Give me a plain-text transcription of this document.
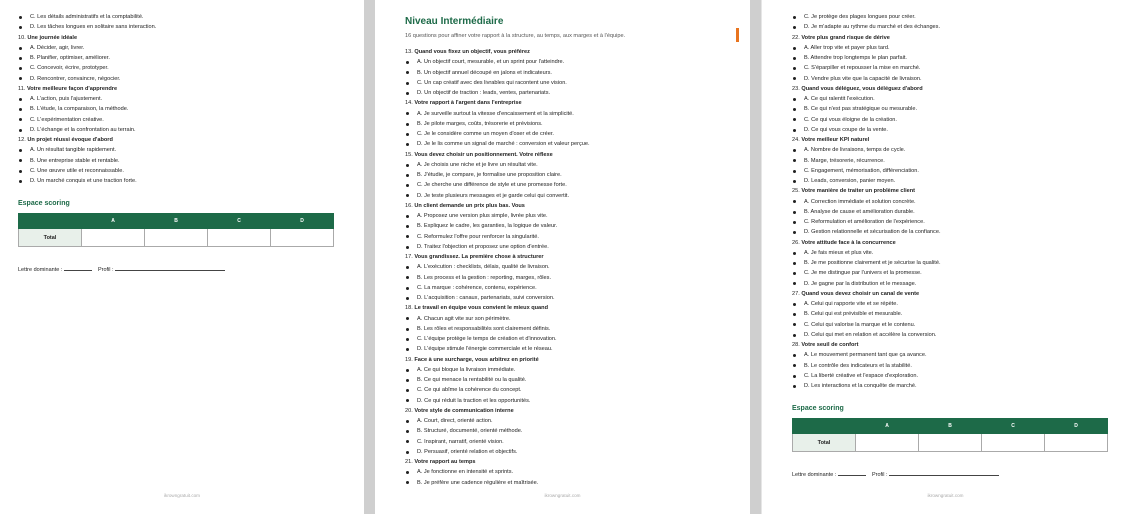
C. Les détails administratifs et la comptabilité.
D. Les tâches longues en solitaire sans interaction.
10. Une journée idéale
A. Décider, agir, livrer.
B. Planifier, optimiser, améliorer.
C. Concevoir, écrire, prototyper.
D. Rencontrer, convaincre, négocier.
11. Votre meilleure façon d'apprendre
A. L'action, puis l'ajustement.
B. L'étude, la comparaison, la méthode.
C. L'expérimentation créative.
D. L'échange et la confrontation au terrain.
12. Un projet réussi évoque d'abord
A. Un résultat tangible rapidement.
B. Une entreprise stable et rentable.
C. Une œuvre utile et reconnaissable.
D. Un marché conquis et une traction forte.
Espace scoring
	A	B	C	D
Total				
Lettre dominante :	Profil :
ikrowngratuit.com
Niveau Intermédiaire
16 questions pour affiner votre rapport à la structure, au temps, aux marges et à l'équipe.
13. Quand vous fixez un objectif, vous préférez
A. Un objectif court, mesurable, et un sprint pour l'atteindre.
B. Un objectif annuel découpé en jalons et indicateurs.
C. Un cap créatif avec des livrables qui racontent une vision.
D. Un objectif de traction : leads, ventes, partenariats.
14. Votre rapport à l'argent dans l'entreprise
A. Je surveille surtout la vitesse d'encaissement et la simplicité.
B. Je pilote marges, coûts, trésorerie et prévisions.
C. Je le considère comme un moyen d'oser et de créer.
D. Je le lis comme un signal de marché : conversion et valeur perçue.
15. Vous devez choisir un positionnement. Votre réflexe
A. Je choisis une niche et je livre un résultat vite.
B. J'étudie, je compare, je formalise une proposition claire.
C. Je cherche une différence de style et une promesse forte.
D. Je teste plusieurs messages et je garde celui qui convertit.
16. Un client demande un prix plus bas. Vous
A. Proposez une version plus simple, livrée plus vite.
B. Expliquez le cadre, les garanties, la logique de valeur.
C. Reformulez l'offre pour renforcer la singularité.
D. Traitez l'objection et proposez une option d'entrée.
17. Vous grandissez. La première chose à structurer
A. L'exécution : checklists, délais, qualité de livraison.
B. Les process et la gestion : reporting, marges, rôles.
C. La marque : cohérence, contenu, expérience.
D. L'acquisition : canaux, partenariats, suivi conversion.
18. Le travail en équipe vous convient le mieux quand
A. Chacun agit vite sur son périmètre.
B. Les rôles et responsabilités sont clairement définis.
C. L'équipe protège le temps de création et d'innovation.
D. L'équipe stimule l'énergie commerciale et le réseau.
19. Face à une surcharge, vous arbitrez en priorité
A. Ce qui bloque la livraison immédiate.
B. Ce qui menace la rentabilité ou la qualité.
C. Ce qui abîme la cohérence du concept.
D. Ce qui réduit la traction et les opportunités.
20. Votre style de communication interne
A. Court, direct, orienté action.
B. Structuré, documenté, orienté méthode.
C. Inspirant, narratif, orienté vision.
D. Persuasif, orienté relation et objectifs.
21. Votre rapport au temps
A. Je fonctionne en intensité et sprints.
B. Je préfère une cadence régulière et maîtrisée.
ikrowngratuit.com
C. Je protège des plages longues pour créer.
D. Je m'adapte au rythme du marché et des échanges.
22. Votre plus grand risque de dérive
A. Aller trop vite et payer plus tard.
B. Attendre trop longtemps le plan parfait.
C. S'éparpiller et repousser la mise en marché.
D. Vendre plus vite que la capacité de livraison.
23. Quand vous déléguez, vous déléguez d'abord
A. Ce qui ralentit l'exécution.
B. Ce qui n'est pas stratégique ou mesurable.
C. Ce qui vous éloigne de la création.
D. Ce qui vous coupe de la vente.
24. Votre meilleur KPI naturel
A. Nombre de livraisons, temps de cycle.
B. Marge, trésorerie, récurrence.
C. Engagement, mémorisation, différenciation.
D. Leads, conversion, panier moyen.
25. Votre manière de traiter un problème client
A. Correction immédiate et solution concrète.
B. Analyse de cause et amélioration durable.
C. Reformulation et amélioration de l'expérience.
D. Gestion relationnelle et sécurisation de la confiance.
26. Votre attitude face à la concurrence
A. Je fais mieux et plus vite.
B. Je me positionne clairement et je sécurise la qualité.
C. Je me distingue par l'univers et la promesse.
D. Je gagne par la distribution et le message.
27. Quand vous devez choisir un canal de vente
A. Celui qui rapporte vite et se répète.
B. Celui qui est prévisible et mesurable.
C. Celui qui valorise la marque et le contenu.
D. Celui qui met en relation et accélère la conversion.
28. Votre seuil de confort
A. Le mouvement permanent tant que ça avance.
B. Le contrôle des indicateurs et la stabilité.
C. La liberté créative et l'espace d'exploration.
D. Les interactions et la conquête de marché.
Espace scoring
	A	B	C	D
Total				
Lettre dominante :	Profil :
ikrowngratuit.com
